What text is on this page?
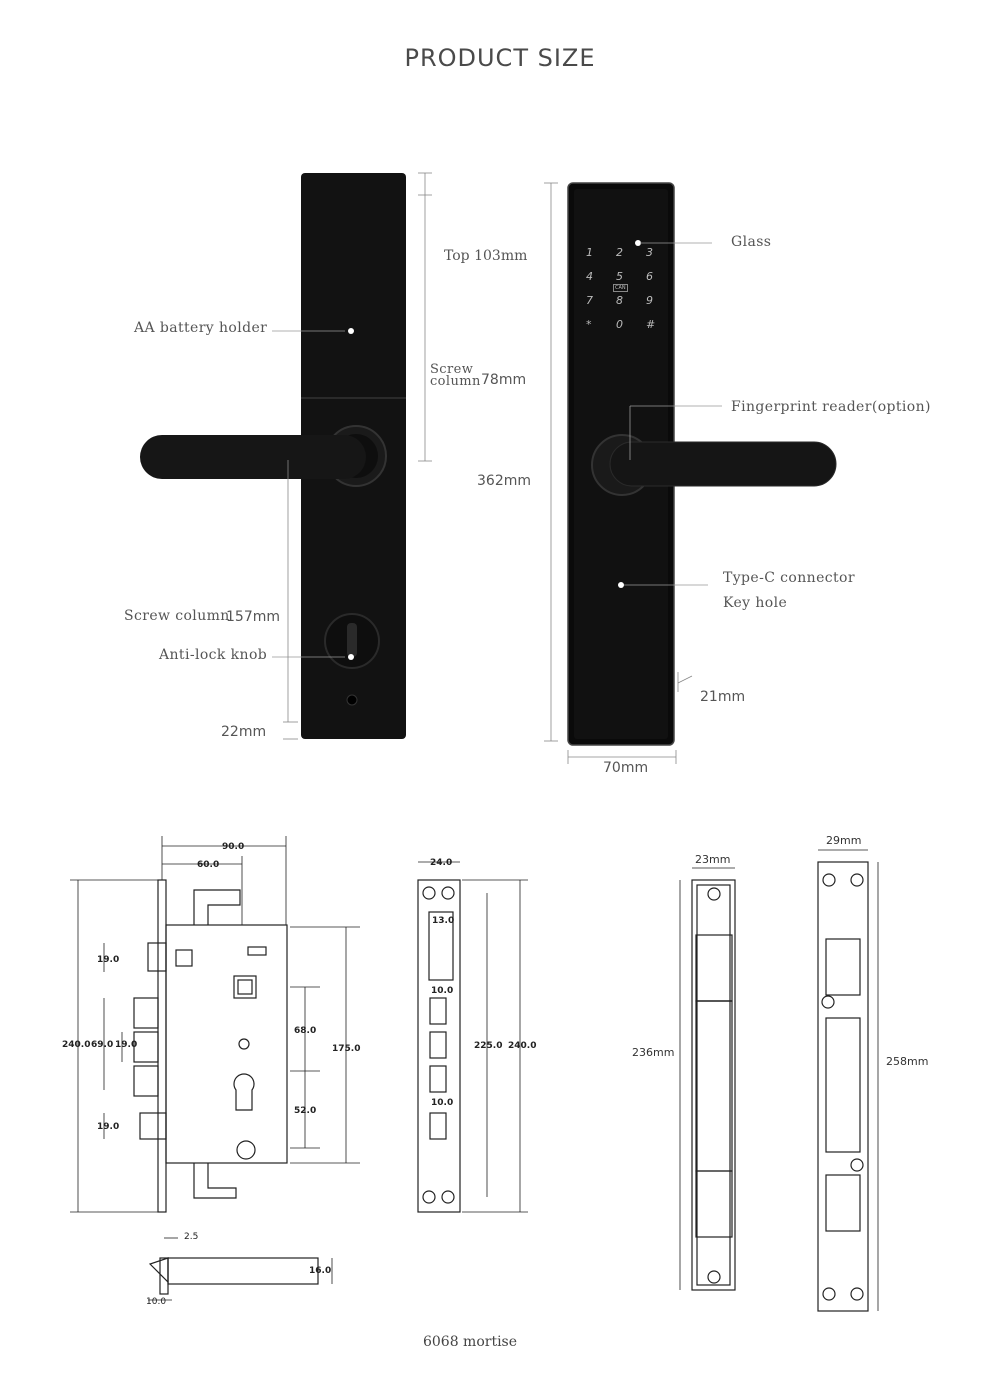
PRODUCT SIZE
AA battery holder
Screw column
Anti-lock knob
157mm
22mm
Top 103mm
Screw
column 78mm
Glass
Fingerprint reader(option)
Type-C connector
Key hole
362mm
21mm
70mm
1 2 3
4 5 6
CAN
7 8 9
* 0 #
90.0
60.0
19.0
240.0 69.0 19.0
19.0
68.0
175.0
52.0
2.5
16.0
10.0
24.0
13.0
10.0
225.0 240.0
10.0
23mm
236mm
29mm
258mm
6068 mortise
